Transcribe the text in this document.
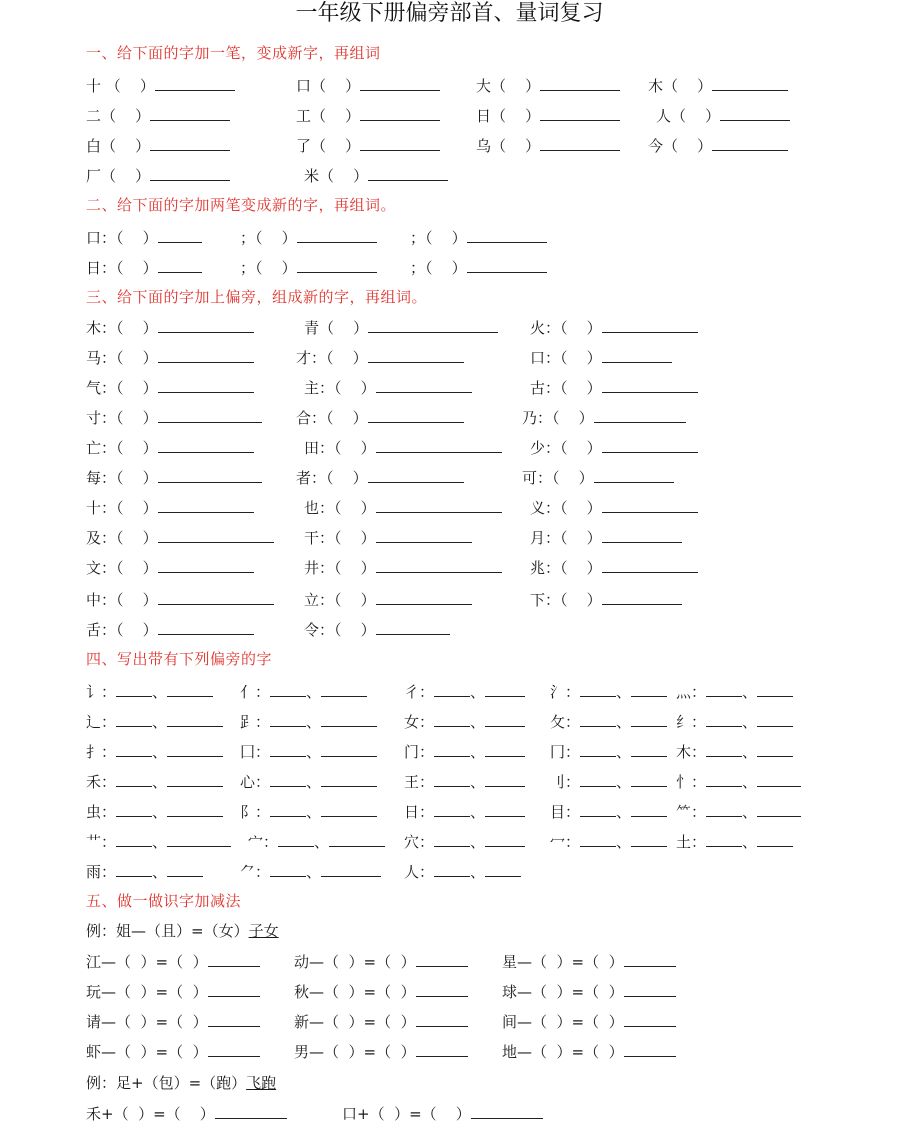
一年级下册偏旁部首、量词复习
一、给下面的字加一笔，变成新字，再组词
十 （    ）	口（    ）	大（    ）	木（    ）
二（    ）	工（    ）	日（    ）	人（    ）
白（    ）	了（    ）	乌（    ）	今（    ）
厂（    ）	米（    ）
二、给下面的字加两笔变成新的字，再组词。
口：（    ）	；（    ）	；（    ）
日：（    ）	；（    ）	；（    ）
三、给下面的字加上偏旁，组成新的字，再组词。
木：（    ）	青（    ）	火：（    ）
马：（    ）	才：（    ）	口：（    ）
气：（    ）	主：（    ）	古：（    ）
寸：（    ）	合：（    ）	乃：（    ）
亡：（    ）	田：（    ）	少：（    ）
每：（    ）	者：（    ）	可：（    ）
十：（    ）	也：（    ）	义：（    ）
及：（    ）	干：（    ）	月：（    ）
文：（    ）	井：（    ）	兆：（    ）
中：（    ）	立：（    ）	下：（    ）
舌：（    ）	令：（    ）
四、写出带有下列偏旁的字
讠： 、	亻： 、	彳： 、	氵： 、	灬： 、
辶： 、	𧾷： 、	女： 、	攵： 、	纟： 、
扌： 、	囗： 、	门： 、	冂： 、	木： 、
禾： 、	心： 、	王： 、	刂： 、	忄： 、
虫： 、	阝： 、	日： 、	目： 、	⺮： 、
艹： 、	宀： 、	穴： 、	冖： 、	土： 、
雨： 、	⺈： 、	人： 、
五、做一做识字加减法
例：姐—（且）=（女）子女
江—（  ）=（  ）	动—（  ）=（  ）	星—（  ）=（  ）
玩—（  ）=（  ）	秋—（  ）=（  ）	球—（  ）=（  ）
请—（  ）=（  ）	新—（  ）=（  ）	间—（  ）=（  ）
虾—（  ）=（  ）	男—（  ）=（  ）	地—（  ）=（  ）
例：足+（包）=（跑）飞跑
禾+（  ）=（    ）	口+（  ）=（    ）
